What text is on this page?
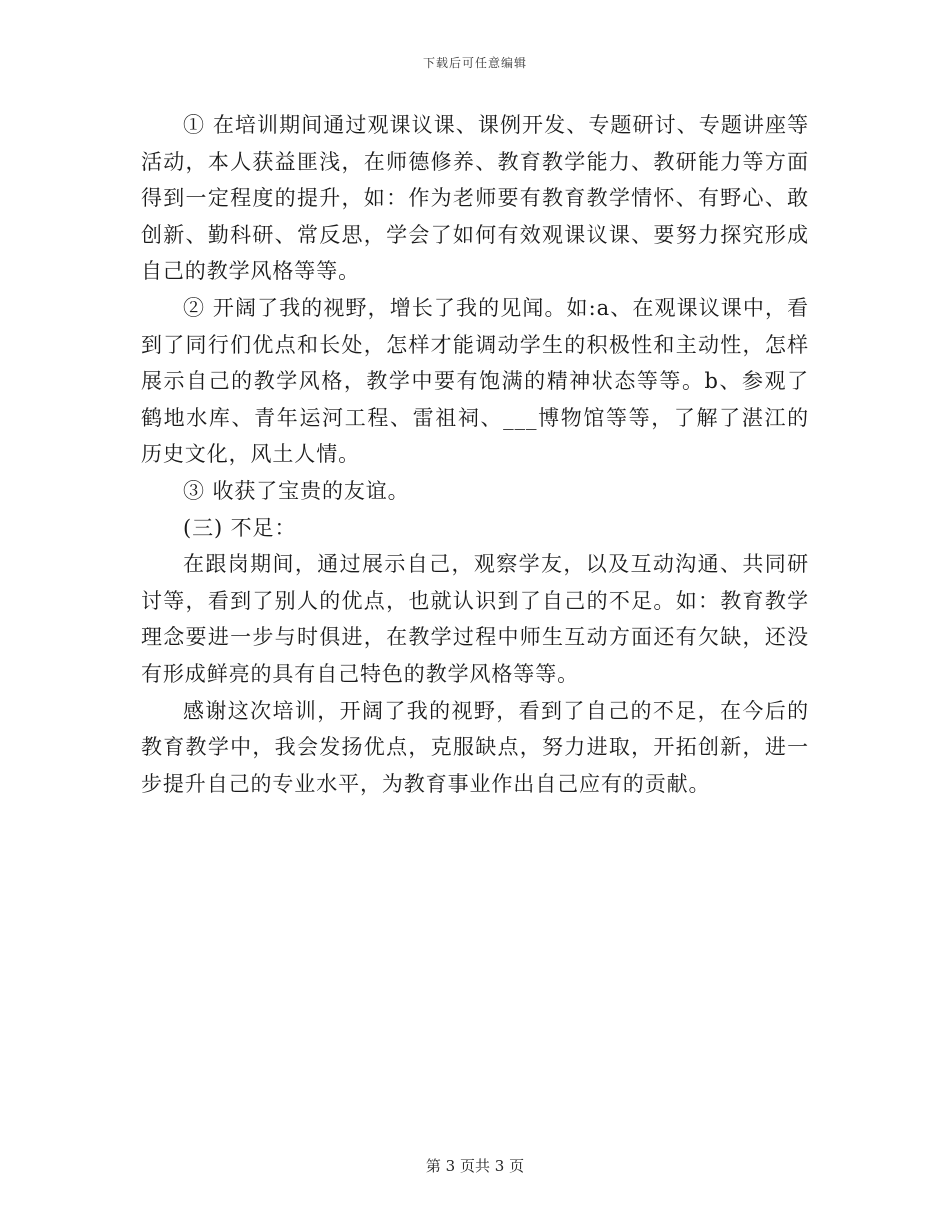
下载后可任意编辑

① 在培训期间通过观课议课、课例开发、专题研讨、专题讲座等活动，本人获益匪浅，在师德修养、教育教学能力、教研能力等方面得到一定程度的提升，如：作为老师要有教育教学情怀、有野心、敢创新、勤科研、常反思，学会了如何有效观课议课、要努力探究形成自己的教学风格等等。

② 开阔了我的视野，增长了我的见闻。如:a、在观课议课中，看到了同行们优点和长处，怎样才能调动学生的积极性和主动性，怎样展示自己的教学风格，教学中要有饱满的精神状态等等。b、参观了鹤地水库、青年运河工程、雷祖祠、___博物馆等等，了解了湛江的历史文化，风土人情。

③ 收获了宝贵的友谊。

(三) 不足：

在跟岗期间，通过展示自己，观察学友，以及互动沟通、共同研讨等，看到了别人的优点，也就认识到了自己的不足。如：教育教学理念要进一步与时俱进，在教学过程中师生互动方面还有欠缺，还没有形成鲜亮的具有自己特色的教学风格等等。

感谢这次培训，开阔了我的视野，看到了自己的不足，在今后的教育教学中，我会发扬优点，克服缺点，努力进取，开拓创新，进一步提升自己的专业水平，为教育事业作出自己应有的贡献。

第 3 页共 3 页
